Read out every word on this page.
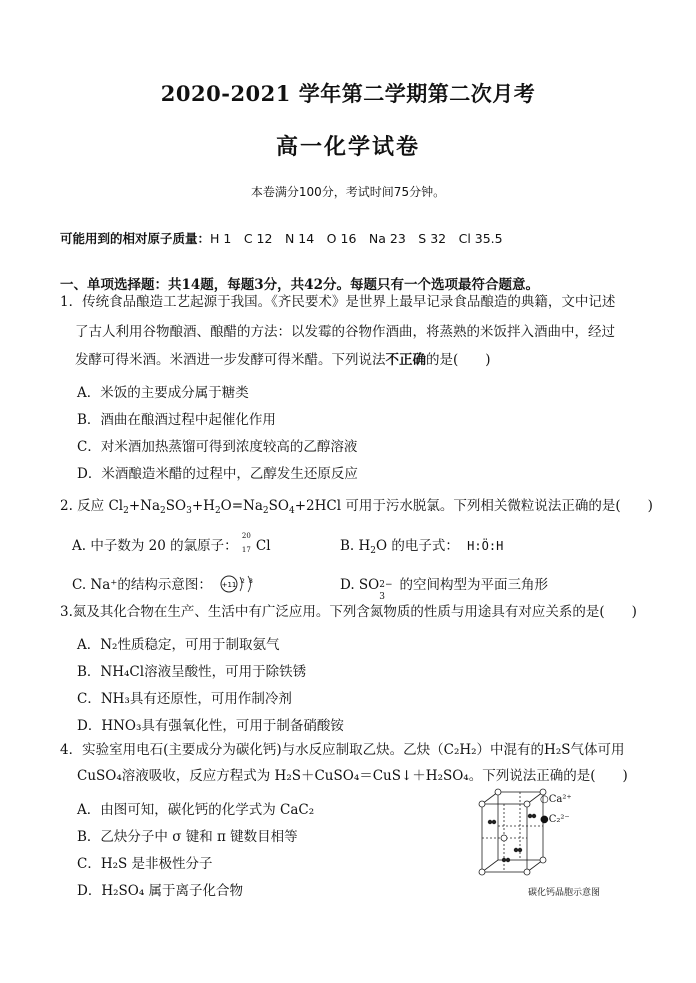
2020-2021 学年第二学期第二次月考
高一化学试卷
本卷满分100分，考试时间75分钟。
可能用到的相对原子质量：H 1　C 12　N 14　O 16　Na 23　S 32　Cl 35.5
一、单项选择题：共14题，每题3分，共42分。每题只有一个选项最符合题意。
1．传统食品酿造工艺起源于我国。《齐民要术》是世界上最早记录食品酿造的典籍，文中记述
了古人利用谷物酿酒、酿醋的方法：以发霉的谷物作酒曲，将蒸熟的米饭拌入酒曲中，经过
发酵可得米酒。米酒进一步发酵可得米醋。下列说法不正确的是(　　)
A．米饭的主要成分属于糖类
B．酒曲在酿酒过程中起催化作用
C．对米酒加热蒸馏可得到浓度较高的乙醇溶液
D．米酒酿造米醋的过程中，乙醇发生还原反应
2. 反应 $Cl_2+Na_2SO_3+H_2O=Na_2SO_4+2HCl$ 可用于污水脱氯。下列相关微粒说法正确的是(　　)
A. 中子数为 20 的氯原子：
20
17 Cl	B. $H_2O$ 的电子式： H:Ö:H
C. Na⁺的结构示意图： +11 2 8	D. SO 2−
3
的空间构型为平面三角形
3.氮及其化合物在生产、生活中有广泛应用。下列含氮物质的性质与用途具有对应关系的是(　　)
A．N₂性质稳定，可用于制取氨气
B．NH₄Cl溶液呈酸性，可用于除铁锈
C．NH₃具有还原性，可用作制冷剂
D．HNO₃具有强氧化性，可用于制备硝酸铵
4．实验室用电石(主要成分为碳化钙)与水反应制取乙炔。乙炔（C₂H₂）中混有的H₂S气体可用
CuSO₄溶液吸收，反应方程式为 H₂S＋CuSO₄＝CuS↓＋H₂SO₄。下列说法正确的是(　　)
A．由图可知，碳化钙的化学式为 CaC₂
B．乙炔分子中 σ 键和 π 键数目相等
C．H₂S 是非极性分子
D．H₂SO₄ 属于离子化合物
○Ca²⁺
●C₂²⁻
碳化钙晶胞示意图
